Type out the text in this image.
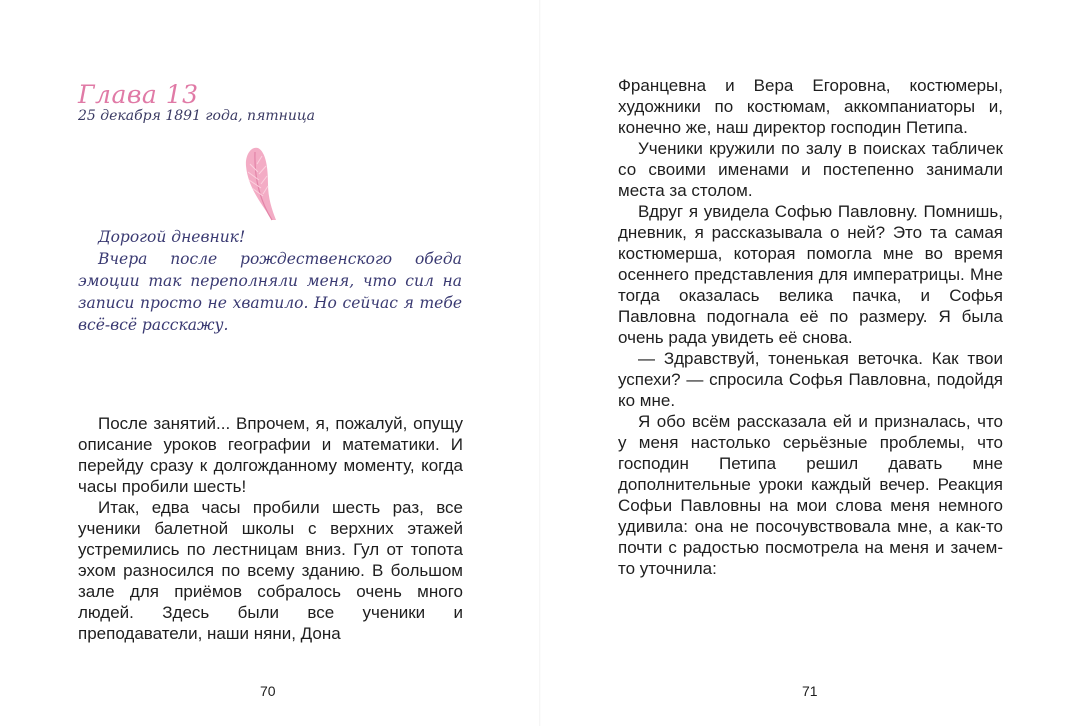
Глава 13
25 декабря 1891 года, пятница

Дорогой дневник!

Вчера после рождественского обеда эмоции так переполняли меня, что сил на записи просто не хватило. Но сейчас я тебе всё-всё расскажу.

После занятий... Впрочем, я, пожалуй, опущу описание уроков географии и математики. И перейду сразу к долгожданному моменту, когда часы пробили шесть!

Итак, едва часы пробили шесть раз, все ученики балетной школы с верхних этажей устремились по лестницам вниз. Гул от топота эхом разносился по всему зданию. В большом зале для приёмов собралось очень много людей. Здесь были все ученики и преподаватели, наши няни, Дона

70

Францевна и Вера Егоровна, костюмеры, художники по костюмам, аккомпаниаторы и, конечно же, наш директор господин Петипа.

Ученики кружили по залу в поисках табличек со своими именами и постепенно занимали места за столом.

Вдруг я увидела Софью Павловну. Помнишь, дневник, я рассказывала о ней? Это та самая костюмерша, которая помогла мне во время осеннего представления для императрицы. Мне тогда оказалась велика пачка, и Софья Павловна подогнала её по размеру. Я была очень рада увидеть её снова.

— Здравствуй, тоненькая веточка. Как твои успехи? — спросила Софья Павловна, подойдя ко мне.

Я обо всём рассказала ей и призналась, что у меня настолько серьёзные проблемы, что господин Петипа решил давать мне дополнительные уроки каждый вечер. Реакция Софьи Павловны на мои слова меня немного удивила: она не посочувствовала мне, а как-то почти с радостью посмотрела на меня и зачем-то уточнила:

71
